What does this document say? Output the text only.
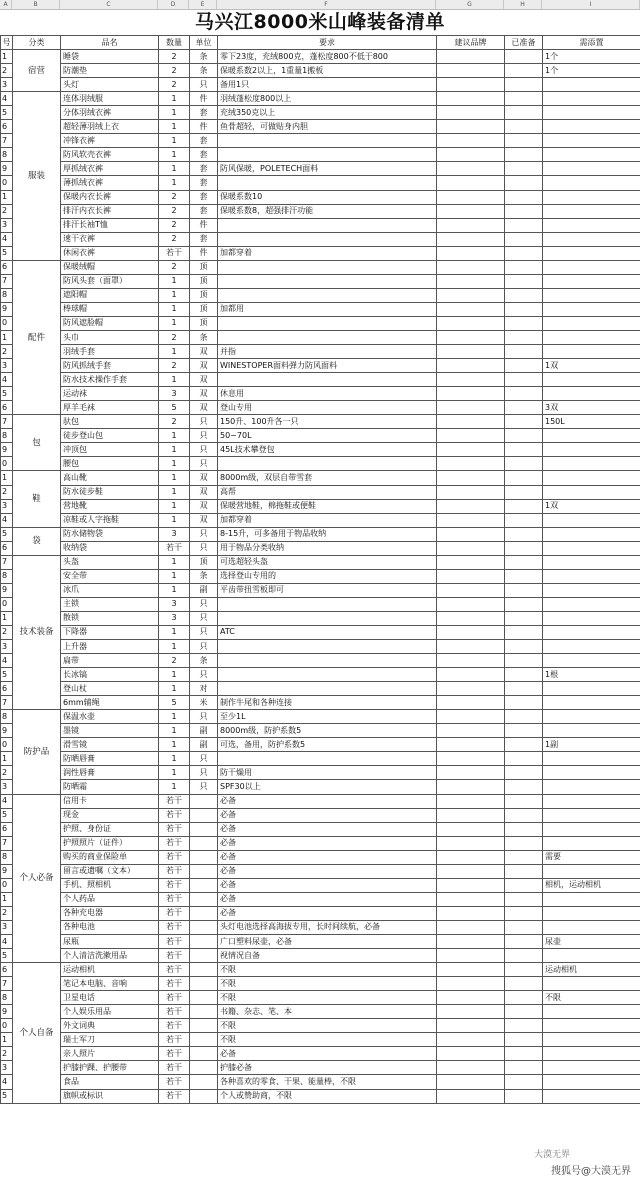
A	B	C	D	E	F	G	H	I
马兴江8000米山峰装备清单
号	分类	品名	数量	单位	要求	建议品牌	已准备	需添置
1	宿营	睡袋	2	条	零下23度，充绒800克，蓬松度800不低于800			1个
2		防潮垫	2	条	保暖系数2以上，1重量1搬板			1个
3		头灯	2	只	备用1只			
4	服装	连体羽绒服	1	件	羽绒蓬松度800以上			
5		分体羽绒衣裤	1	套	充绒350克以上			
6		超轻薄羽绒上衣	1	件	鱼骨超轻，可做贴身内胆			
7		冲锋衣裤	1	套				
8		防风软壳衣裤	1	套				
9		厚抓绒衣裤	1	套	防风保暖，POLETECH面料			
0		薄抓绒衣裤	1	套				
1		保暖内衣长裤	2	套	保暖系数10			
2		排汗内衣长裤	2	套	保暖系数8，超强排汗功能			
3		排汗长袖T恤	2	件				
4		速干衣裤	2	套				
5		休闲衣裤	若干	件	加都穿着			
6	配件	保暖绒帽	2	顶				
7		防风头套（面罩）	1	顶				
8		遮阳帽	1	顶				
9		棒球帽	1	顶	加都用			
0		防风遮脸帽	1	顶				
1		头巾	2	条				
2		羽绒手套	1	双	并指			
3		防风抓绒手套	2	双	WINESTOPER面料弹力防风面料			1双
4		防水技术操作手套	1	双				
5		运动袜	3	双	休息用			
6		厚羊毛袜	5	双	登山专用			3双
7	包	驮包	2	只	150升、100升各一只			150L
8		徒步登山包	1	只	50~70L			
9		冲顶包	1	只	45L技术攀登包			
0		腰包	1	只				
1	鞋	高山靴	1	双	8000m级，双层自带雪套			
2		防水徒步鞋	1	双	高帮			
3		营地靴	1	双	保暖营地鞋，棉拖鞋或便鞋			1双
4		凉鞋或人字拖鞋	1	双	加都穿着			
5	袋	防水储物袋	3	只	8-15升，可多备用于物品收纳			
6		收纳袋	若干	只	用于物品分类收纳			
7	技术装备	头盔	1	顶	可选超轻头盔			
8		安全带	1	条	选择登山专用的			
9		冰爪	1	副	平齿带扭雪板即可			
0		主锁	3	只				
1		散锁	3	只				
2		下降器	1	只	ATC			
3		上升器	1	只				
4		扁带	2	条				
5		长冰镐	1	只				1根
6		登山杖	1	对				
7		6mm辅绳	5	米	制作牛尾和各种连接			
8	防护品	保温水壶	1	只	至少1L			
9		墨镜	1	副	8000m级，防护系数5			
0		滑雪镜	1	副	可选，备用，防护系数5			1副
1		防晒唇膏	1	只				
2		润性唇膏	1	只	防干燥用			
3		防晒霜	1	只	SPF30以上			
4	个人必备	信用卡	若干		必备			
5		现金	若干		必备			
6		护照、身份证	若干		必备			
7		护照照片（证件）	若干		必备			
8		购买的商业保险单	若干		必备			需要
9		留言或遗嘱（文本）	若干		必备			
0		手机、照相机	若干		必备			相机，运动相机
1		个人药品	若干		必备			
2		各种充电器	若干		必备			
3		各种电池	若干		头灯电池选择高海拔专用，长时间续航，必备			
4		尿瓶	若干		广口塑料尿壶，必备			尿壶
5		个人清洁洗漱用品	若干		视情况自备			
6	个人自备	运动相机	若干		不限			运动相机
7		笔记本电脑、音响	若干		不限			
8		卫星电话	若干		不限			不限
9		个人娱乐用品	若干		书籍、杂志、笔、本			
0		外文词典	若干		不限			
1		瑞士军刀	若干		不限			
2		亲人照片	若干		必备			
3		护膝护踝、护腰带	若干		护膝必备			
4		食品	若干		各种喜欢的零食、干果、能量棒，不限			
5		旗帜或标识	若干		个人或赞助商，不限			
大漠无界
搜狐号@大漠无界
